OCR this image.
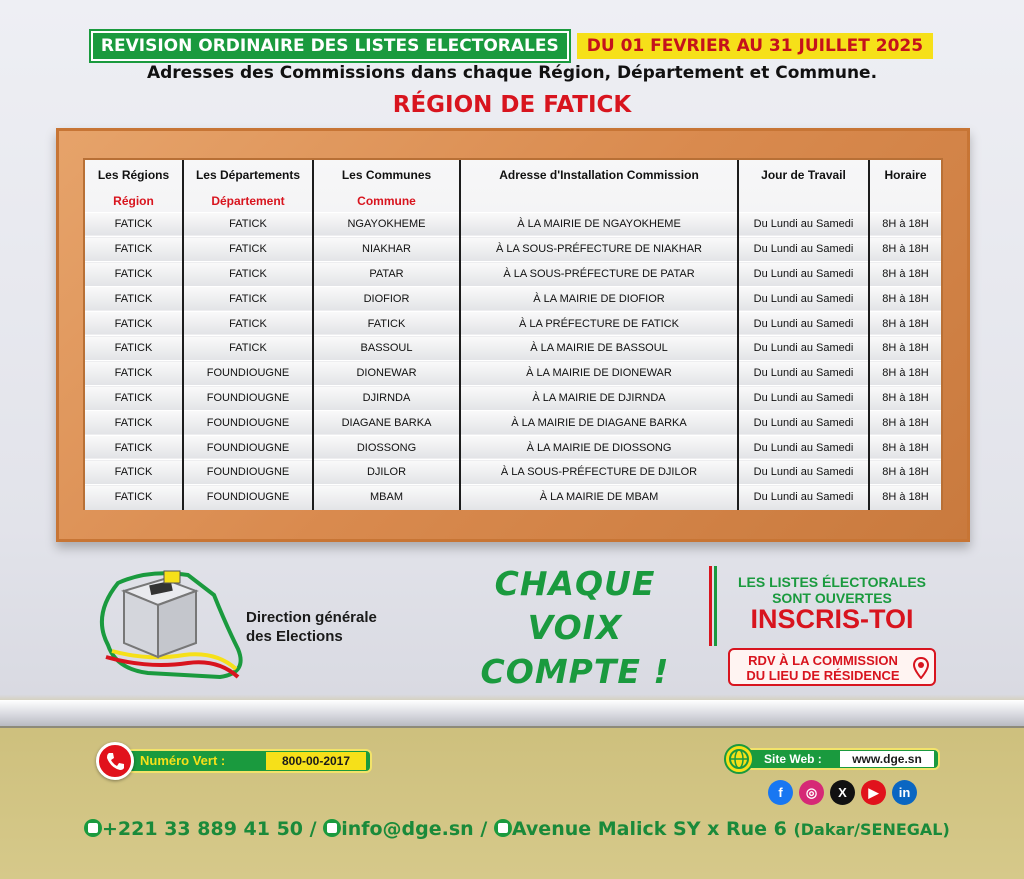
REVISION ORDINAIRE DES LISTES ELECTORALES DU 01 FEVRIER AU 31 JUILLET 2025
Adresses des Commissions dans chaque Région, Département et Commune.
RÉGION DE FATICK
Les Régions	Les Départements	Les Communes	Adresse d'Installation Commission	Jour de Travail	Horaire
Région	Département	Commune			
FATICK	FATICK	NGAYOKHEME	À LA MAIRIE DE NGAYOKHEME	Du Lundi au Samedi	8H à 18H
FATICK	FATICK	NIAKHAR	À LA SOUS-PRÉFECTURE DE NIAKHAR	Du Lundi au Samedi	8H à 18H
FATICK	FATICK	PATAR	À LA SOUS-PRÉFECTURE DE PATAR	Du Lundi au Samedi	8H à 18H
FATICK	FATICK	DIOFIOR	À LA MAIRIE DE DIOFIOR	Du Lundi au Samedi	8H à 18H
FATICK	FATICK	FATICK	À LA PRÉFECTURE DE FATICK	Du Lundi au Samedi	8H à 18H
FATICK	FATICK	BASSOUL	À LA MAIRIE DE BASSOUL	Du Lundi au Samedi	8H à 18H
FATICK	FOUNDIOUGNE	DIONEWAR	À LA MAIRIE DE DIONEWAR	Du Lundi au Samedi	8H à 18H
FATICK	FOUNDIOUGNE	DJIRNDA	À LA MAIRIE DE DJIRNDA	Du Lundi au Samedi	8H à 18H
FATICK	FOUNDIOUGNE	DIAGANE BARKA	À LA MAIRIE DE DIAGANE BARKA	Du Lundi au Samedi	8H à 18H
FATICK	FOUNDIOUGNE	DIOSSONG	À LA MAIRIE DE DIOSSONG	Du Lundi au Samedi	8H à 18H
FATICK	FOUNDIOUGNE	DJILOR	À LA SOUS-PRÉFECTURE DE DJILOR	Du Lundi au Samedi	8H à 18H
FATICK	FOUNDIOUGNE	MBAM	À LA MAIRIE DE MBAM	Du Lundi au Samedi	8H à 18H
Direction générale
des Elections
CHAQUE VOIX
COMPTE !
LES LISTES ÉLECTORALES
SONT OUVERTES
INSCRIS-TOI
RDV À LA COMMISSION
DU LIEU DE RÉSIDENCE
Numéro Vert :	800-00-2017	Site Web :	www.dge.sn
f	◎	X	▶	in
+221 33 889 41 50 / info@dge.sn / Avenue Malick SY x Rue 6 (Dakar/SENEGAL)
